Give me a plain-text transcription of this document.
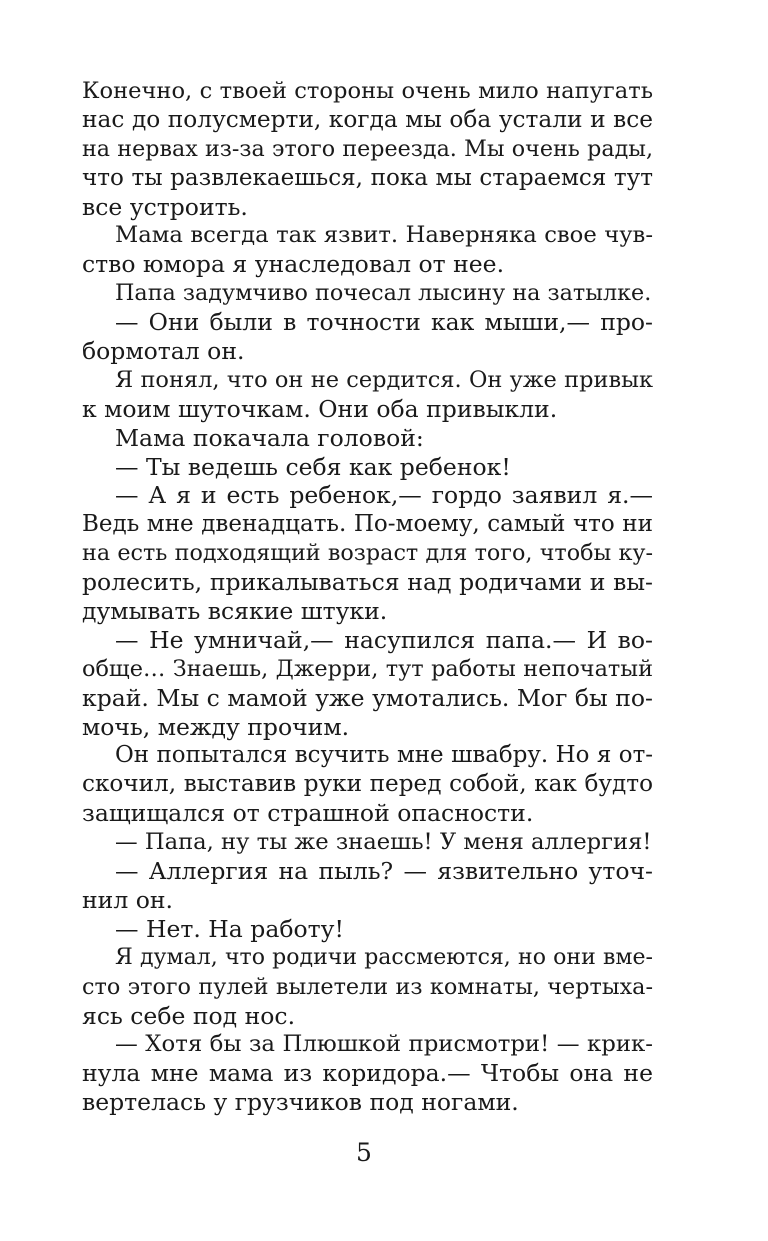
Конечно, с твоей стороны очень мило напугать
нас до полусмерти, когда мы оба устали и все
на нервах из-за этого переезда. Мы очень рады,
что ты развлекаешься, пока мы стараемся тут
все устроить.
Мама всегда так язвит. Наверняка свое чув-
ство юмора я унаследовал от нее.
Папа задумчиво почесал лысину на затылке.
— Они были в точности как мыши,— про-
бормотал он.
Я понял, что он не сердится. Он уже привык
к моим шуточкам. Они оба привыкли.
Мама покачала головой:
— Ты ведешь себя как ребенок!
— А я и есть ребенок,— гордо заявил я.—
Ведь мне двенадцать. По-моему, самый что ни
на есть подходящий возраст для того, чтобы ку-
ролесить, прикалываться над родичами и вы-
думывать всякие штуки.
— Не умничай,— насупился папа.— И во-
обще… Знаешь, Джерри, тут работы непочатый
край. Мы с мамой уже умотались. Мог бы по-
мочь, между прочим.
Он попытался всучить мне швабру. Но я от-
скочил, выставив руки перед собой, как будто
защищался от страшной опасности.
— Папа, ну ты же знаешь! У меня аллергия!
— Аллергия на пыль? — язвительно уточ-
нил он.
— Нет. На работу!
Я думал, что родичи рассмеются, но они вме-
сто этого пулей вылетели из комнаты, чертыха-
ясь себе под нос.
— Хотя бы за Плюшкой присмотри! — крик-
нула мне мама из коридора.— Чтобы она не
вертелась у грузчиков под ногами.
5
